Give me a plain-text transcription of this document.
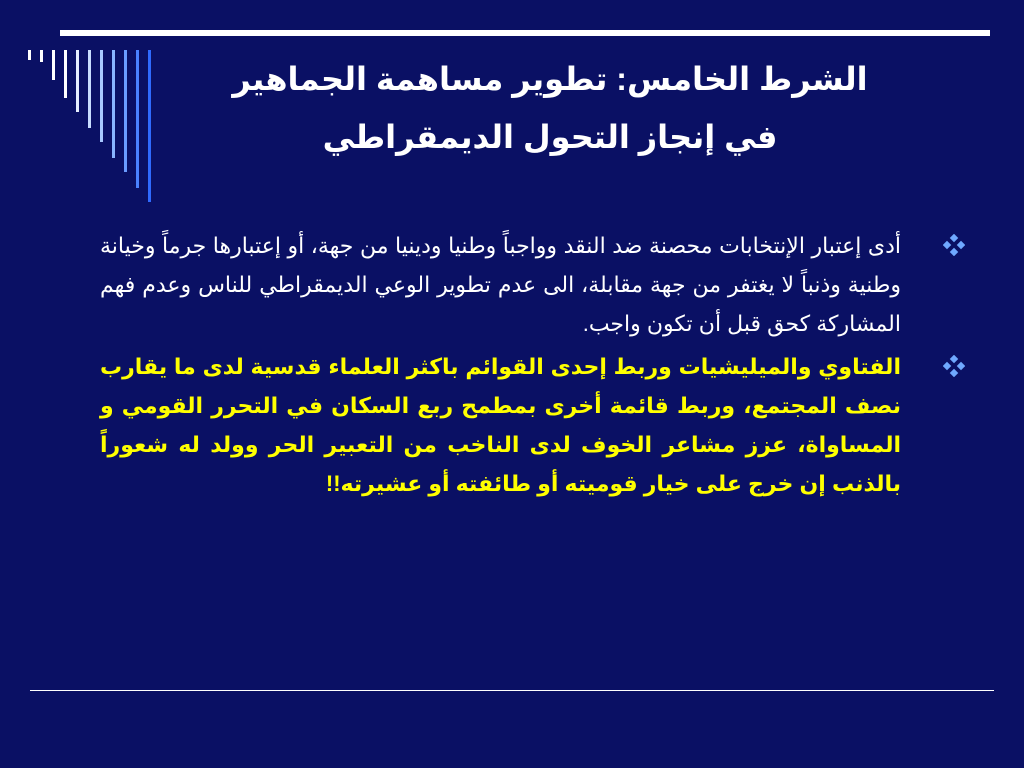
الشرط الخامس: تطوير مساهمة الجماهير
في إنجاز التحول الديمقراطي
أدى إعتبار الإنتخابات محصنة ضد النقد وواجباً وطنيا ودينيا من جهة، أو إعتبارها جرماً وخيانة وطنية وذنباً لا يغتفر من جهة مقابلة، الى عدم تطوير الوعي الديمقراطي للناس وعدم فهم المشاركة كحق قبل أن تكون واجب.
الفتاوي والميليشيات وربط إحدى القوائم باكثر العلماء قدسية لدى ما يقارب نصف المجتمع، وربط قائمة أخرى بمطمح ربع السكان في التحرر القومي و المساواة، عزز مشاعر الخوف لدى الناخب من التعبير الحر وولد له شعوراً بالذنب إن خرج على خيار قوميته أو طائفته أو عشيرته!!
